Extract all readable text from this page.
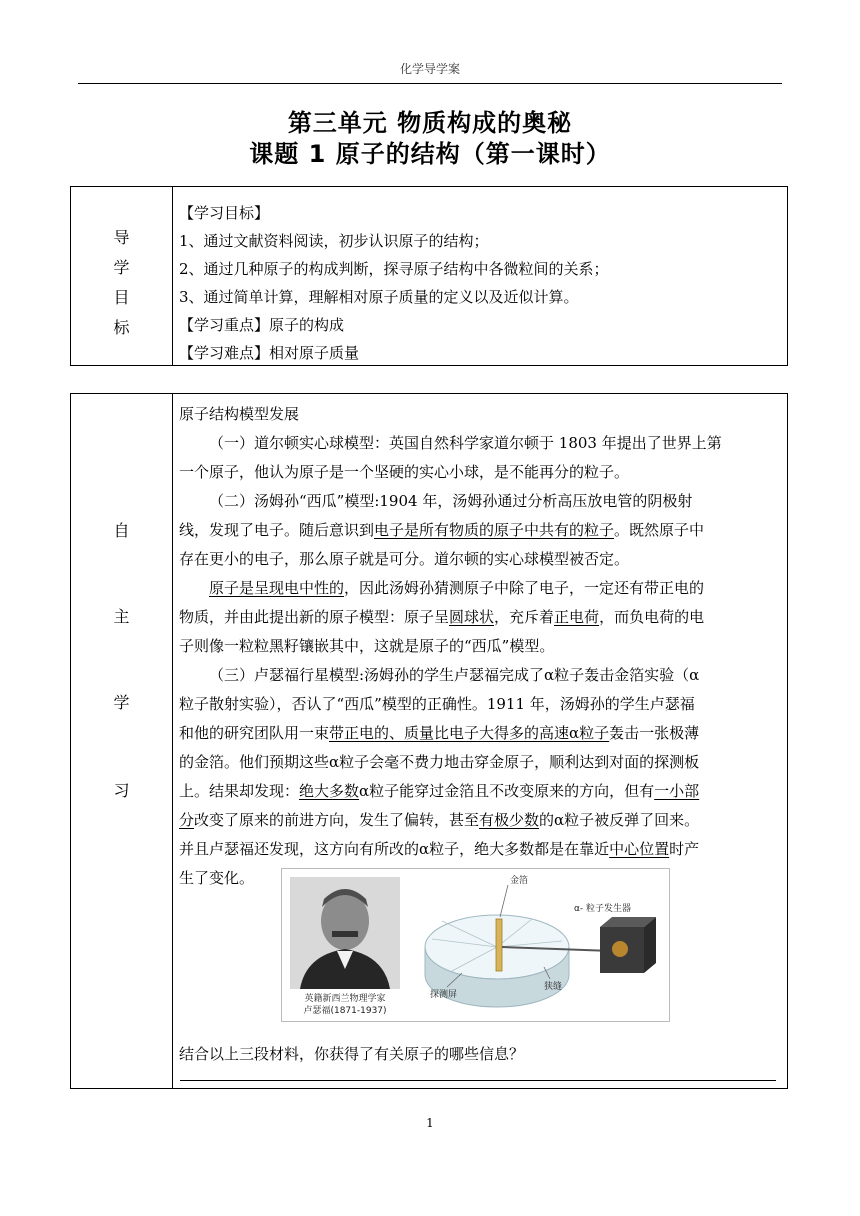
化学导学案
第三单元 物质构成的奥秘
课题 1 原子的结构（第一课时）
导
学
目
标
【学习目标】
1、通过文献资料阅读，初步认识原子的结构；
2、通过几种原子的构成判断，探寻原子结构中各微粒间的关系；
3、通过简单计算，理解相对原子质量的定义以及近似计算。
【学习重点】原子的构成
【学习难点】相对原子质量
自
主
学
习
原子结构模型发展
（一）道尔顿实心球模型：英国自然科学家道尔顿于 1803 年提出了世界上第
一个原子，他认为原子是一个坚硬的实心小球，是不能再分的粒子。
（二）汤姆孙“西瓜”模型:1904 年，汤姆孙通过分析高压放电管的阴极射
线，发现了电子。随后意识到电子是所有物质的原子中共有的粒子。既然原子中
存在更小的电子，那么原子就是可分。道尔顿的实心球模型被否定。
原子是呈现电中性的，因此汤姆孙猜测原子中除了电子，一定还有带正电的
物质，并由此提出新的原子模型：原子呈圆球状，充斥着正电荷，而负电荷的电
子则像一粒粒黑籽镶嵌其中，这就是原子的“西瓜”模型。
（三）卢瑟福行星模型:汤姆孙的学生卢瑟福完成了α粒子轰击金箔实验（α
粒子散射实验），否认了“西瓜”模型的正确性。1911 年，汤姆孙的学生卢瑟福
和他的研究团队用一束带正电的、质量比电子大得多的高速α粒子轰击一张极薄
的金箔。他们预期这些α粒子会毫不费力地击穿金原子，顺利达到对面的探测板
上。结果却发现：绝大多数α粒子能穿过金箔且不改变原来的方向，但有一小部
分改变了原来的前进方向，发生了偏转，甚至有极少数的α粒子被反弹了回来。
并且卢瑟福还发现，这方向有所改的α粒子，绝大多数都是在靠近中心位置时产
生了变化。
结合以上三段材料，你获得了有关原子的哪些信息？
英籍新西兰物理学家
卢瑟福(1871-1937)
金箔
α- 粒子发生器
探测屏
狭缝
1
